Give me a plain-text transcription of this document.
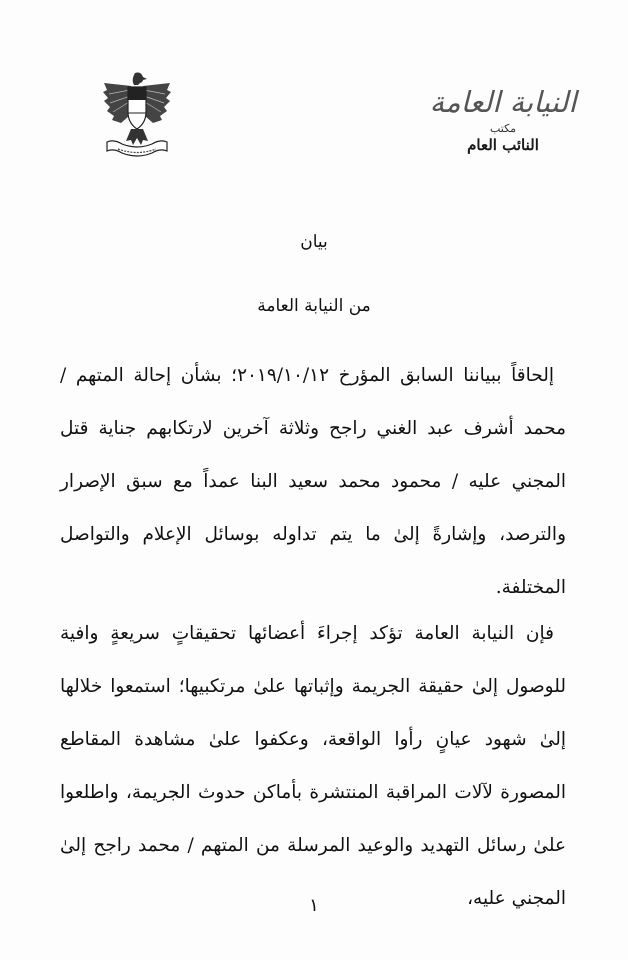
النيابة العامة
مكتب
النائب العام
بيان
من النيابة العامة

إلحاقاً ببياننا السابق المؤرخ ٢٠١٩/١٠/١٢؛ بشأن إحالة المتهم / محمد أشرف عبد الغني راجح وثلاثة آخرين لارتكابهم جناية قتل المجني عليه / محمود محمد سعيد البنا عمداً مع سبق الإصرار والترصد، وإشارةً إلىٰ ما يتم تداوله بوسائل الإعلام والتواصل المختلفة.

فإن النيابة العامة تؤكد إجراءَ أعضائها تحقيقاتٍ سريعةٍ وافية للوصول إلىٰ حقيقة الجريمة وإثباتها علىٰ مرتكبيها؛ استمعوا خلالها إلىٰ شهود عيانٍ رأوا الواقعة، وعكفوا علىٰ مشاهدة المقاطع المصورة لآلات المراقبة المنتشرة بأماكن حدوث الجريمة، واطلعوا علىٰ رسائل التهديد والوعيد المرسلة من المتهم / محمد راجح إلىٰ المجني عليه،

١
